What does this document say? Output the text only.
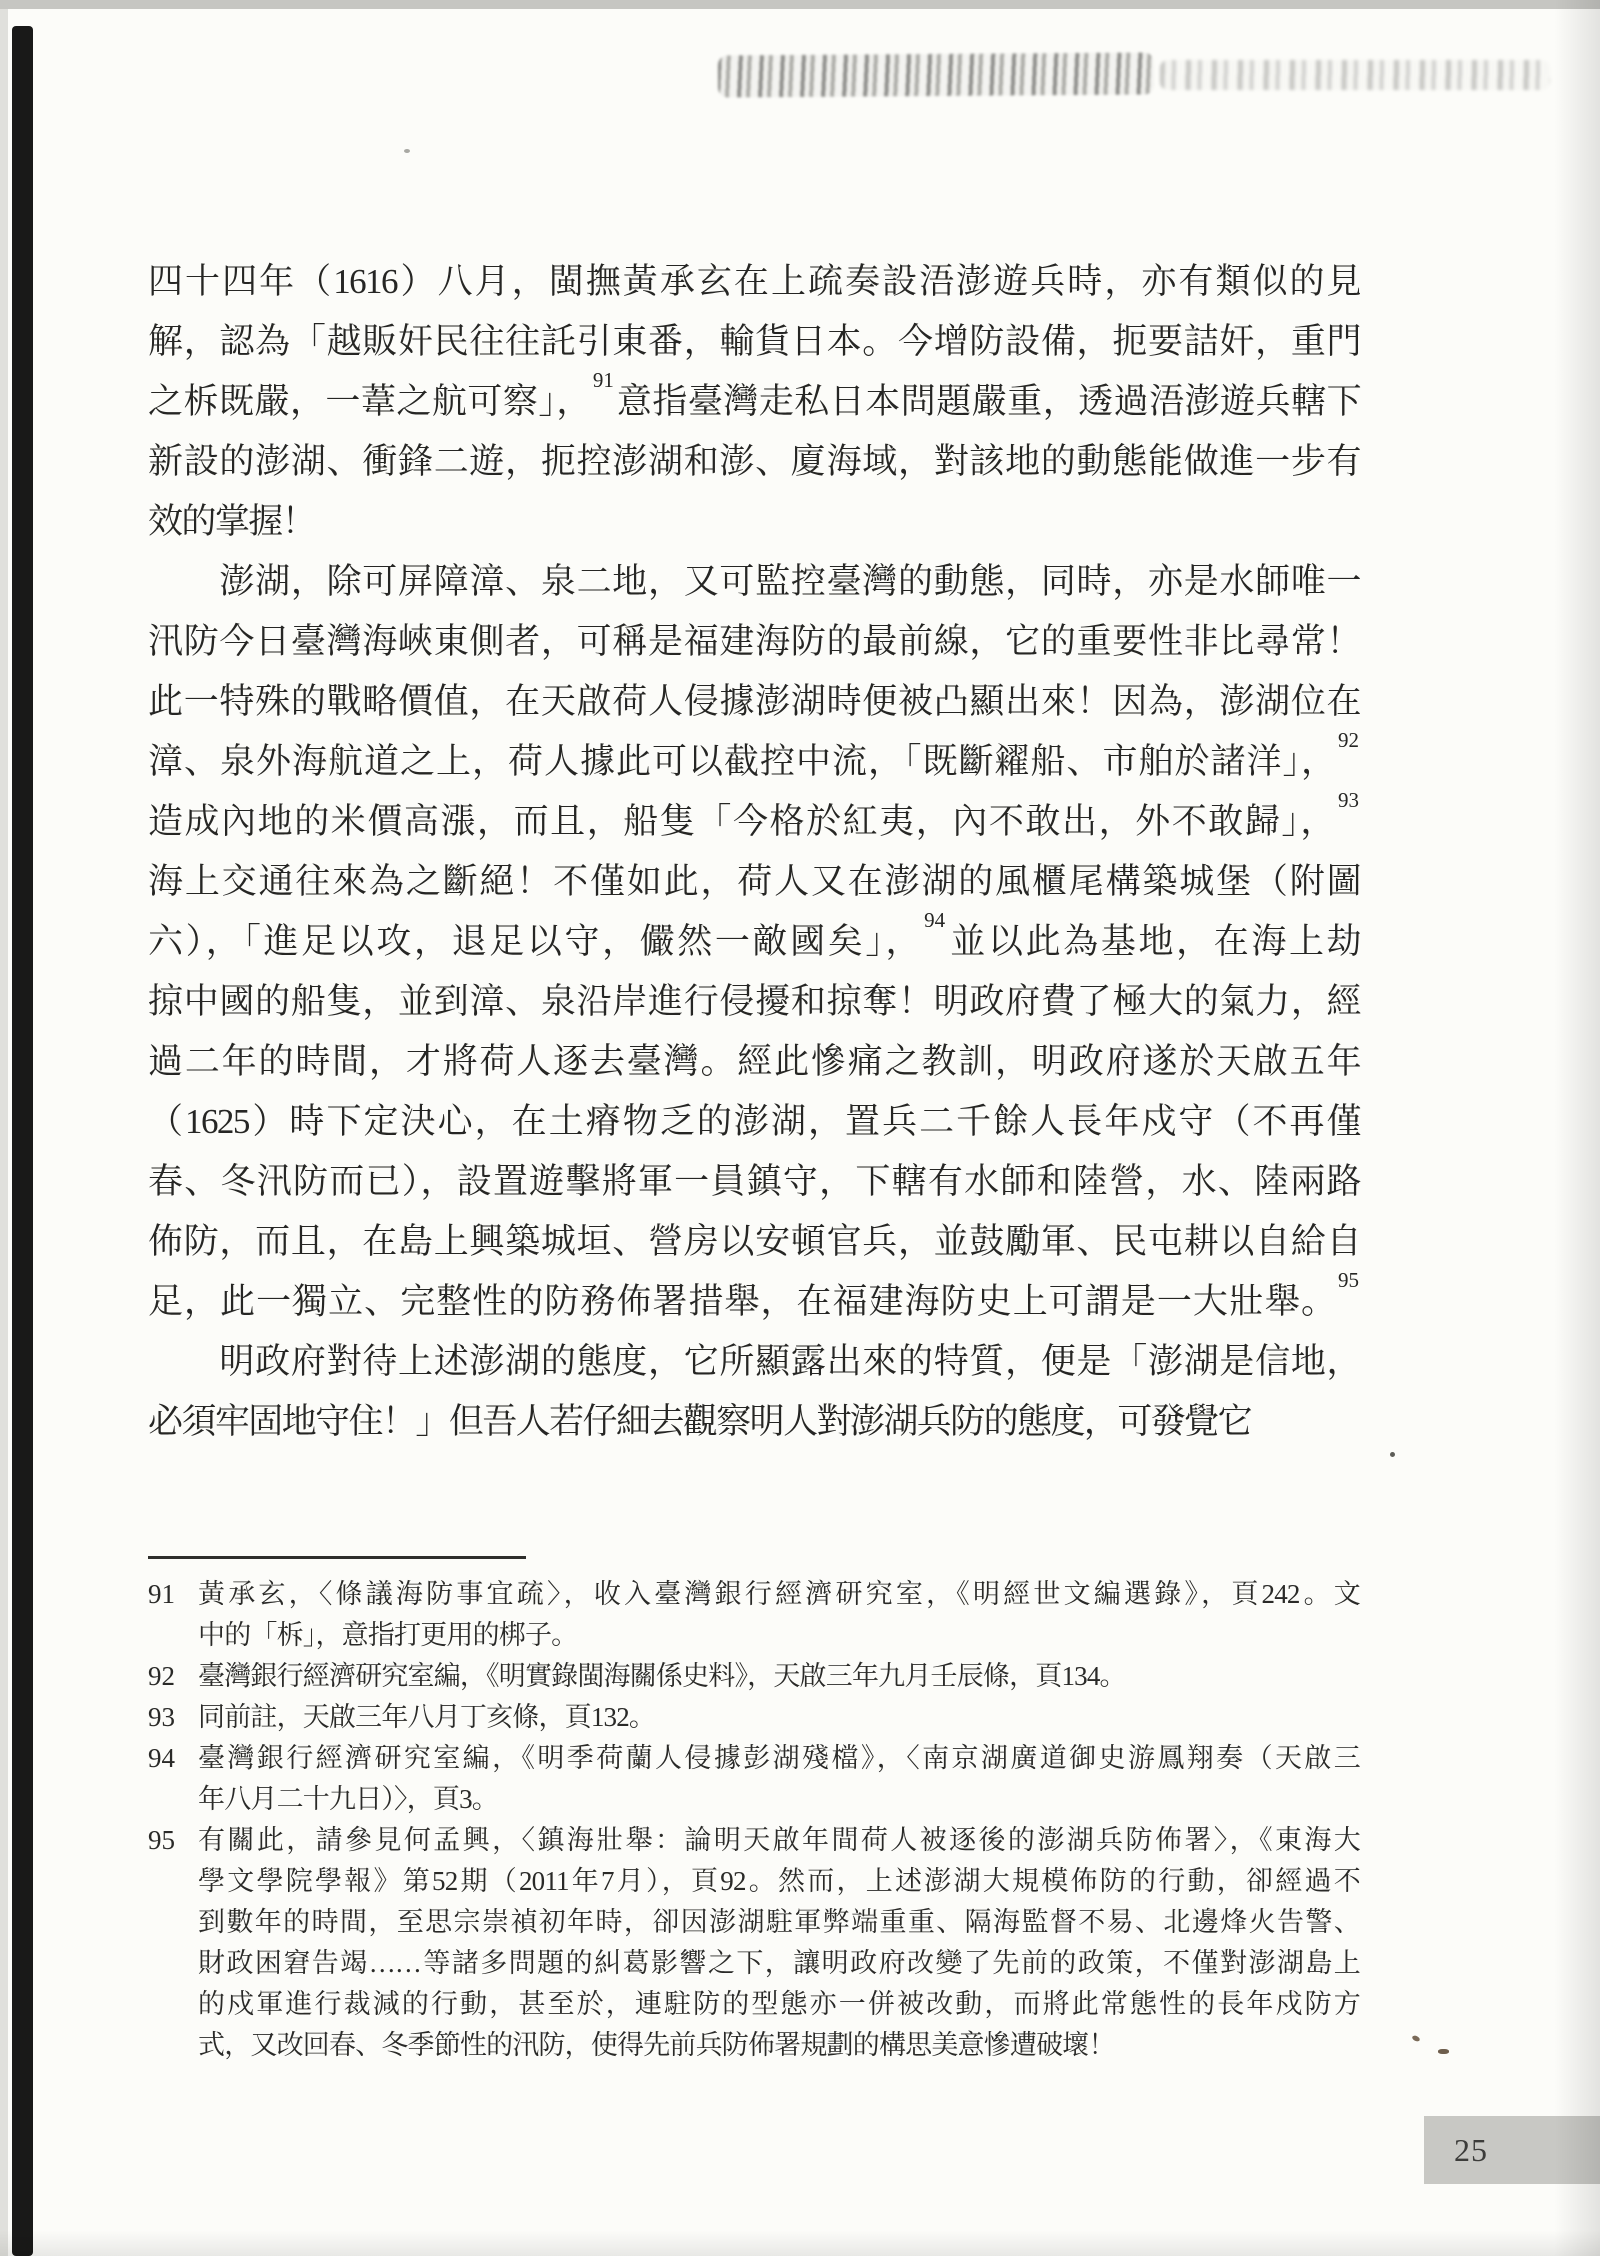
四十四年（1616）八月，閩撫黃承玄在上疏奏設浯澎遊兵時，亦有類似的見
解，認為「越販奸民往往託引東番，輸貨日本。今增防設備，扼要詰奸，重門
之柝既嚴，一葦之航可察」，$^{91}$意指臺灣走私日本問題嚴重，透過浯澎遊兵轄下
新設的澎湖、衝鋒二遊，扼控澎湖和澎、廈海域，對該地的動態能做進一步有
效的掌握！
　　澎湖，除可屏障漳、泉二地，又可監控臺灣的動態，同時，亦是水師唯一
汛防今日臺灣海峽東側者，可稱是福建海防的最前線，它的重要性非比尋常！
此一特殊的戰略價值，在天啟荷人侵據澎湖時便被凸顯出來！因為，澎湖位在
漳、泉外海航道之上，荷人據此可以截控中流，「既斷糴船、市舶於諸洋」，$^{92}$
造成內地的米價高漲，而且，船隻「今格於紅夷，內不敢出，外不敢歸」，$^{93}$
海上交通往來為之斷絕！不僅如此，荷人又在澎湖的風櫃尾構築城堡（附圖
六），「進足以攻，退足以守，儼然一敵國矣」，$^{94}$並以此為基地，在海上劫
掠中國的船隻，並到漳、泉沿岸進行侵擾和掠奪！明政府費了極大的氣力，經
過二年的時間，才將荷人逐去臺灣。經此慘痛之教訓，明政府遂於天啟五年
（1625）時下定決心，在土瘠物乏的澎湖，置兵二千餘人長年戍守（不再僅
春、冬汛防而已），設置遊擊將軍一員鎮守，下轄有水師和陸營，水、陸兩路
佈防，而且，在島上興築城垣、營房以安頓官兵，並鼓勵軍、民屯耕以自給自
足，此一獨立、完整性的防務佈署措舉，在福建海防史上可謂是一大壯舉。$^{95}$
　　明政府對待上述澎湖的態度，它所顯露出來的特質，便是「澎湖是信地，
必須牢固地守住！」但吾人若仔細去觀察明人對澎湖兵防的態度，可發覺它
91 黃承玄，〈條議海防事宜疏〉，收入臺灣銀行經濟研究室，《明經世文編選錄》，頁242。文
中的「柝」，意指打更用的梆子。
92 臺灣銀行經濟研究室編，《明實錄閩海關係史料》，天啟三年九月壬辰條，頁134。
93 同前註，天啟三年八月丁亥條，頁132。
94 臺灣銀行經濟研究室編，《明季荷蘭人侵據彭湖殘檔》，〈南京湖廣道御史游鳳翔奏（天啟三
年八月二十九日）〉，頁3。
95 有關此，請參見何孟興，〈鎮海壯舉：論明天啟年間荷人被逐後的澎湖兵防佈署〉，《東海大
學文學院學報》第52期（2011年7月），頁92。然而，上述澎湖大規模佈防的行動，卻經過不
到數年的時間，至思宗崇禎初年時，卻因澎湖駐軍弊端重重、隔海監督不易、北邊烽火告警、
財政困窘告竭……等諸多問題的糾葛影響之下，讓明政府改變了先前的政策，不僅對澎湖島上
的戍軍進行裁減的行動，甚至於，連駐防的型態亦一併被改動，而將此常態性的長年戍防方
式，又改回春、冬季節性的汛防，使得先前兵防佈署規劃的構思美意慘遭破壞！
25
